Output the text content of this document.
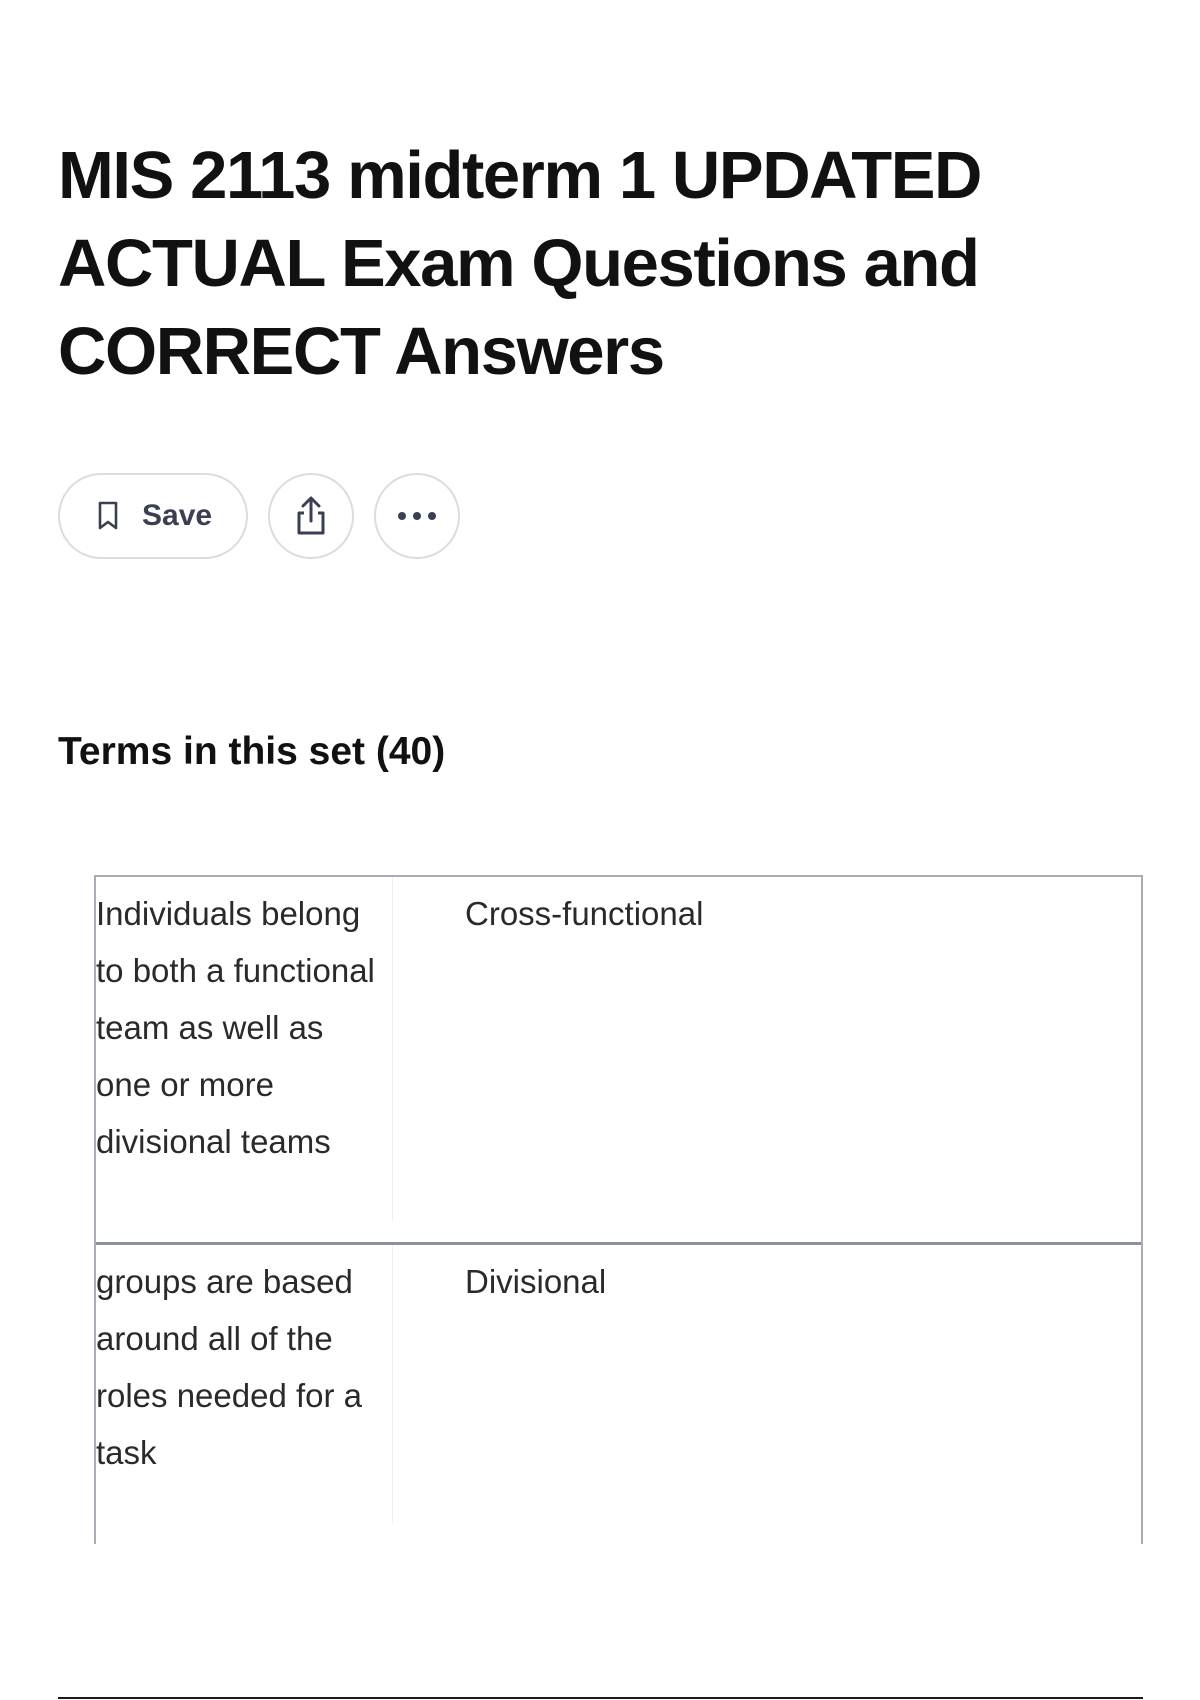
MIS 2113 midterm 1 UPDATED ACTUAL Exam Questions and CORRECT Answers
Save
Terms in this set (40)
Individuals belong to both a functional team as well as one or more divisional teams
Cross-functional
groups are based around all of the roles needed for a task
Divisional
